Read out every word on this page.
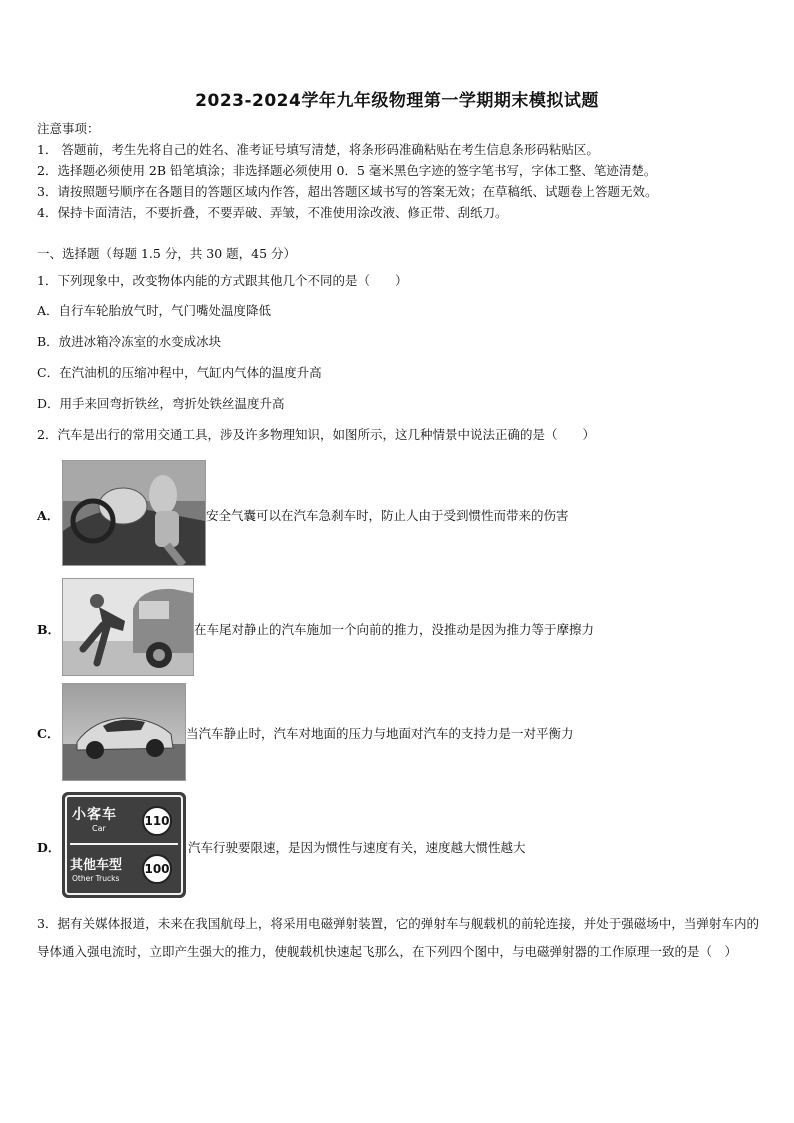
2023-2024学年九年级物理第一学期期末模拟试题
注意事项：
1． 答题前，考生先将自己的姓名、准考证号填写清楚，将条形码准确粘贴在考生信息条形码粘贴区。
2．选择题必须使用 2B 铅笔填涂；非选择题必须使用 0．5 毫米黑色字迹的签字笔书写，字体工整、笔迹清楚。
3．请按照题号顺序在各题目的答题区域内作答，超出答题区域书写的答案无效；在草稿纸、试题卷上答题无效。
4．保持卡面清洁，不要折叠，不要弄破、弄皱，不准使用涂改液、修正带、刮纸刀。
一、选择题（每题 1.5 分，共 30 题，45 分）
1．下列现象中，改变物体内能的方式跟其他几个不同的是（　　）
A．自行车轮胎放气时，气门嘴处温度降低
B．放进冰箱冷冻室的水变成冰块
C．在汽油机的压缩冲程中，气缸内气体的温度升高
D．用手来回弯折铁丝，弯折处铁丝温度升高
2．汽车是出行的常用交通工具，涉及许多物理知识，如图所示，这几种情景中说法正确的是（　　）
A．	安全气囊可以在汽车急刹车时，防止人由于受到惯性而带来的伤害
B．	在车尾对静止的汽车施加一个向前的推力，没推动是因为推力等于摩擦力
C．	当汽车静止时，汽车对地面的压力与地面对汽车的支持力是一对平衡力
D．
小客车
Car
110
其他车型
Other Trucks
100
汽车行驶要限速，是因为惯性与速度有关，速度越大惯性越大
3．据有关媒体报道，未来在我国航母上，将采用电磁弹射装置，它的弹射车与舰载机的前轮连接，并处于强磁场中，当弹射车内的导体通入强电流时，立即产生强大的推力，使舰载机快速起飞那么，在下列四个图中，与电磁弹射器的工作原理一致的是（　）
